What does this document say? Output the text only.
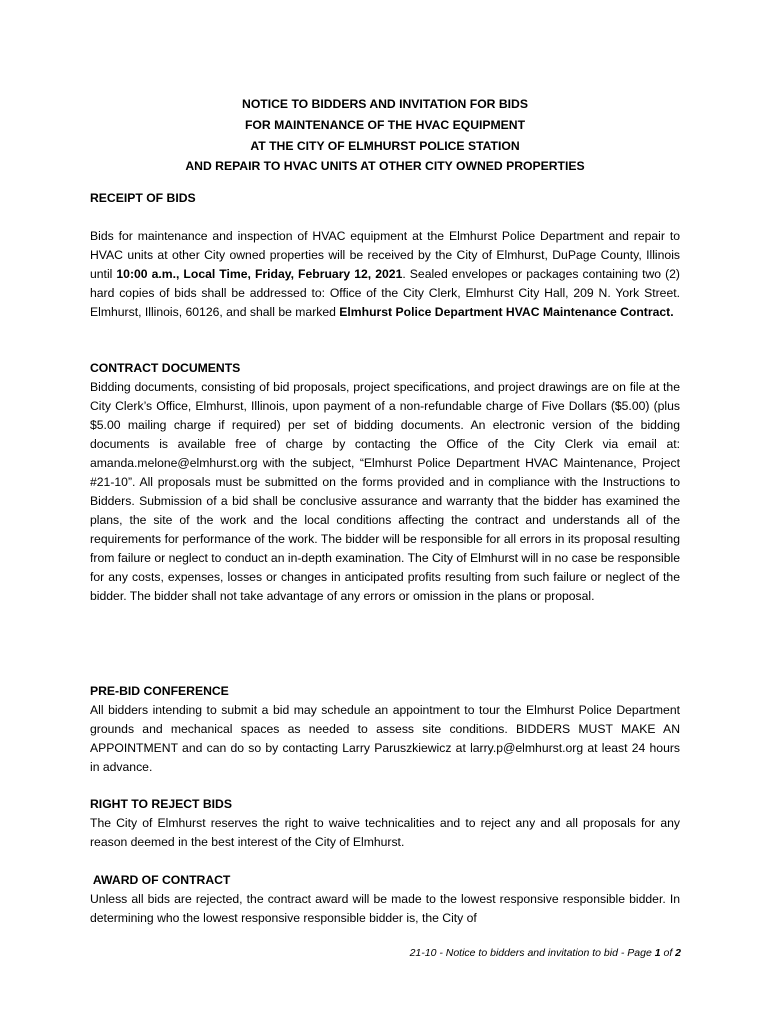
NOTICE TO BIDDERS AND INVITATION FOR BIDS
FOR MAINTENANCE OF THE HVAC EQUIPMENT
AT THE CITY OF ELMHURST POLICE STATION
AND REPAIR TO HVAC UNITS AT OTHER CITY OWNED PROPERTIES
RECEIPT OF BIDS
Bids for maintenance and inspection of HVAC equipment at the Elmhurst Police Department and repair to HVAC units at other City owned properties will be received by the City of Elmhurst, DuPage County, Illinois until 10:00 a.m., Local Time, Friday, February 12, 2021. Sealed envelopes or packages containing two (2) hard copies of bids shall be addressed to: Office of the City Clerk, Elmhurst City Hall, 209 N. York Street. Elmhurst, Illinois, 60126, and shall be marked Elmhurst Police Department HVAC Maintenance Contract.
CONTRACT DOCUMENTS
Bidding documents, consisting of bid proposals, project specifications, and project drawings are on file at the City Clerk’s Office, Elmhurst, Illinois, upon payment of a non-refundable charge of Five Dollars ($5.00) (plus $5.00 mailing charge if required) per set of bidding documents. An electronic version of the bidding documents is available free of charge by contacting the Office of the City Clerk via email at: amanda.melone@elmhurst.org with the subject, “Elmhurst Police Department HVAC Maintenance, Project #21-10”. All proposals must be submitted on the forms provided and in compliance with the Instructions to Bidders. Submission of a bid shall be conclusive assurance and warranty that the bidder has examined the plans, the site of the work and the local conditions affecting the contract and understands all of the requirements for performance of the work. The bidder will be responsible for all errors in its proposal resulting from failure or neglect to conduct an in-depth examination. The City of Elmhurst will in no case be responsible for any costs, expenses, losses or changes in anticipated profits resulting from such failure or neglect of the bidder. The bidder shall not take advantage of any errors or omission in the plans or proposal.
PRE-BID CONFERENCE
All bidders intending to submit a bid may schedule an appointment to tour the Elmhurst Police Department grounds and mechanical spaces as needed to assess site conditions. BIDDERS MUST MAKE AN APPOINTMENT and can do so by contacting Larry Paruszkiewicz at larry.p@elmhurst.org at least 24 hours in advance.
RIGHT TO REJECT BIDS
The City of Elmhurst reserves the right to waive technicalities and to reject any and all proposals for any reason deemed in the best interest of the City of Elmhurst.
AWARD OF CONTRACT
Unless all bids are rejected, the contract award will be made to the lowest responsive responsible bidder. In determining who the lowest responsive responsible bidder is, the City of
21-10 - Notice to bidders and invitation to bid - Page 1 of 2
